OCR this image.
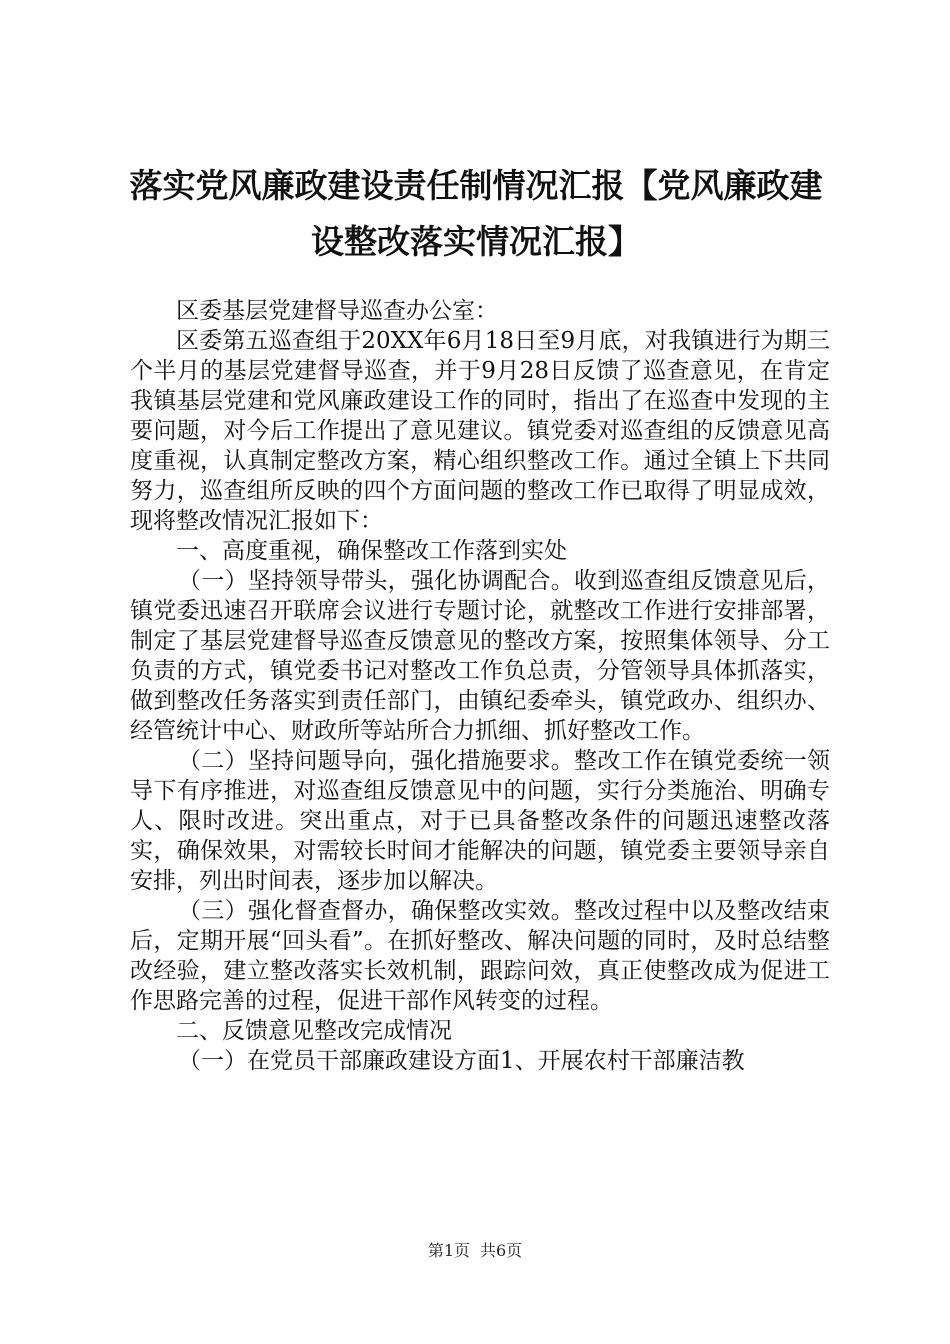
落实党风廉政建设责任制情况汇报【党风廉政建设整改落实情况汇报】

区委基层党建督导巡查办公室：

区委第五巡查组于20XX年6月18日至9月底，对我镇进行为期三个半月的基层党建督导巡查，并于9月28日反馈了巡查意见，在肯定我镇基层党建和党风廉政建设工作的同时，指出了在巡查中发现的主要问题，对今后工作提出了意见建议。镇党委对巡查组的反馈意见高度重视，认真制定整改方案，精心组织整改工作。通过全镇上下共同努力，巡查组所反映的四个方面问题的整改工作已取得了明显成效，现将整改情况汇报如下：

一、高度重视，确保整改工作落到实处

（一）坚持领导带头，强化协调配合。收到巡查组反馈意见后，镇党委迅速召开联席会议进行专题讨论，就整改工作进行安排部署，制定了基层党建督导巡查反馈意见的整改方案，按照集体领导、分工负责的方式，镇党委书记对整改工作负总责，分管领导具体抓落实，做到整改任务落实到责任部门，由镇纪委牵头，镇党政办、组织办、经管统计中心、财政所等站所合力抓细、抓好整改工作。

（二）坚持问题导向，强化措施要求。整改工作在镇党委统一领导下有序推进，对巡查组反馈意见中的问题，实行分类施治、明确专人、限时改进。突出重点，对于已具备整改条件的问题迅速整改落实，确保效果，对需较长时间才能解决的问题，镇党委主要领导亲自安排，列出时间表，逐步加以解决。

（三）强化督查督办，确保整改实效。整改过程中以及整改结束后，定期开展“回头看”。在抓好整改、解决问题的同时，及时总结整改经验，建立整改落实长效机制，跟踪问效，真正使整改成为促进工作思路完善的过程，促进干部作风转变的过程。

二、反馈意见整改完成情况

（一）在党员干部廉政建设方面1、开展农村干部廉洁教

第1页 共6页
